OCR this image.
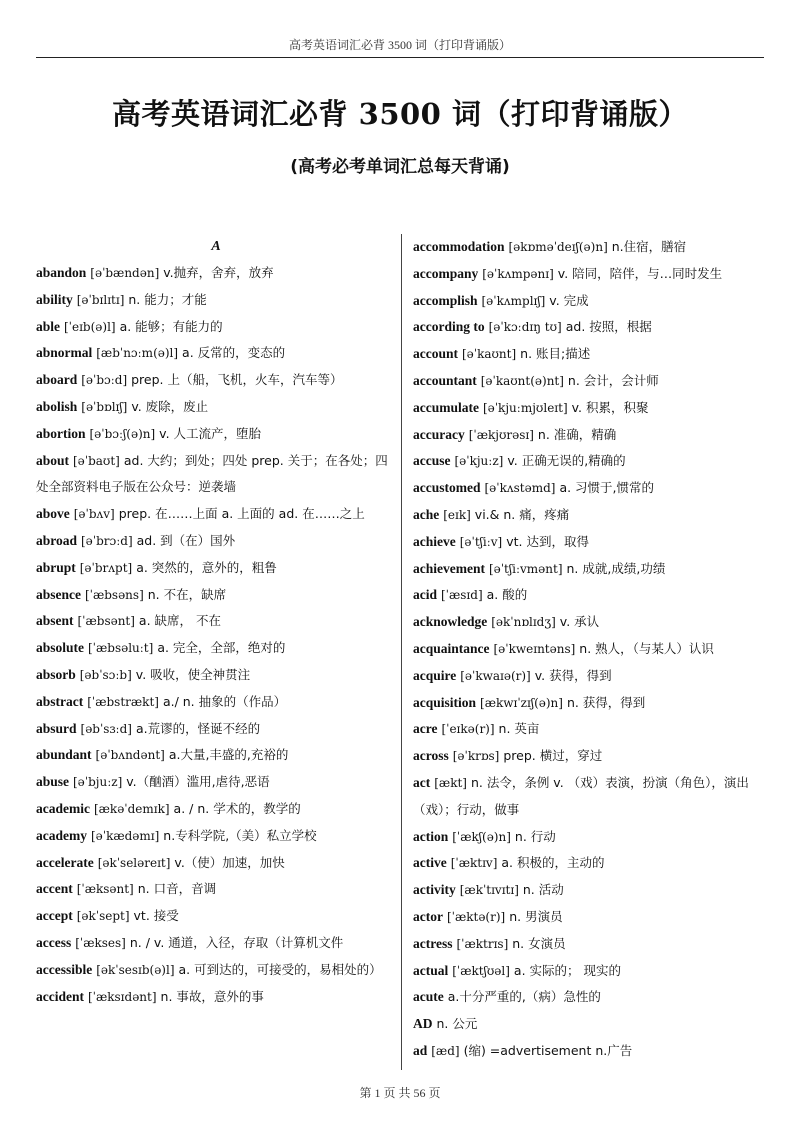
高考英语词汇必背 3500 词（打印背诵版）
高考英语词汇必背 3500 词（打印背诵版）
(高考必考单词汇总每天背诵)
A
abandon [əˈbændən] v.抛弃，舍弃，放弃
ability [əˈbɪlɪtɪ] n. 能力；才能
able [ˈeɪb(ə)l] a. 能够；有能力的
abnormal [æbˈnɔːm(ə)l] a. 反常的，变态的
aboard [əˈbɔːd] prep. 上（船，飞机，火车，汽车等）
abolish [əˈbɒlɪʃ] v. 废除，废止
abortion [əˈbɔːʃ(ə)n] v. 人工流产，堕胎
about [əˈbaʊt] ad. 大约；到处；四处 prep. 关于；在各处；四处全部资料电子版在公众号：逆袭墙
above [əˈbʌv] prep. 在……上面 a. 上面的 ad. 在……之上
abroad [əˈbrɔːd] ad. 到（在）国外
abrupt [əˈbrʌpt] a. 突然的，意外的，粗鲁
absence [ˈæbsəns] n. 不在，缺席
absent [ˈæbsənt] a. 缺席， 不在
absolute [ˈæbsəluːt] a. 完全，全部，绝对的
absorb [əbˈsɔːb] v. 吸收，使全神贯注
abstract [ˈæbstrækt] a./ n. 抽象的（作品）
absurd [əbˈsɜːd] a.荒谬的，怪诞不经的
abundant [əˈbʌndənt] a.大量,丰盛的,充裕的
abuse [əˈbjuːz] v.（酗酒）滥用,虐待,恶语
academic [ækəˈdemɪk] a. / n. 学术的，教学的
academy [əˈkædəmɪ] n.专科学院,（美）私立学校
accelerate [əkˈseləreɪt] v.（使）加速，加快
accent [ˈæksənt] n. 口音，音调
accept [əkˈsept] vt. 接受
access [ˈækses] n. / v. 通道，入径，存取（计算机文件
accessible [əkˈsesɪb(ə)l] a. 可到达的，可接受的，易相处的）
accident [ˈæksɪdənt] n. 事故，意外的事
accommodation [əkɒməˈdeɪʃ(ə)n] n.住宿，膳宿
accompany [əˈkʌmpənɪ] v. 陪同，陪伴，与…同时发生
accomplish [əˈkʌmplɪʃ] v. 完成
according to [əˈkɔːdɪŋ tʊ] ad. 按照，根据
account [əˈkaʊnt] n. 账目;描述
accountant [əˈkaʊnt(ə)nt] n. 会计，会计师
accumulate [əˈkjuːmjʊleɪt] v. 积累，积聚
accuracy [ˈækjʊrəsɪ] n. 准确，精确
accuse [əˈkjuːz] v. 正确无误的,精确的
accustomed [əˈkʌstəmd] a. 习惯于,惯常的
ache [eɪk] vi.& n. 痛，疼痛
achieve [əˈtʃiːv] vt. 达到，取得
achievement [əˈtʃiːvmənt] n. 成就,成绩,功绩
acid [ˈæsɪd] a. 酸的
acknowledge [əkˈnɒlɪdʒ] v. 承认
acquaintance [əˈkweɪntəns] n. 熟人，（与某人）认识
acquire [əˈkwaɪə(r)] v. 获得，得到
acquisition [ækwɪˈzɪʃ(ə)n] n. 获得，得到
acre [ˈeɪkə(r)] n. 英亩
across [əˈkrɒs] prep. 横过，穿过
act [ækt] n. 法令，条例 v. （戏）表演，扮演（角色），演出（戏）；行动，做事
action [ˈækʃ(ə)n] n. 行动
active [ˈæktɪv] a. 积极的，主动的
activity [ækˈtɪvɪtɪ] n. 活动
actor [ˈæktə(r)] n. 男演员
actress [ˈæktrɪs] n. 女演员
actual [ˈæktʃʊəl] a. 实际的； 现实的
acute a.十分严重的,（病）急性的
AD n. 公元
ad [æd] (缩) =advertisement n.广告
第 1 页 共 56 页
